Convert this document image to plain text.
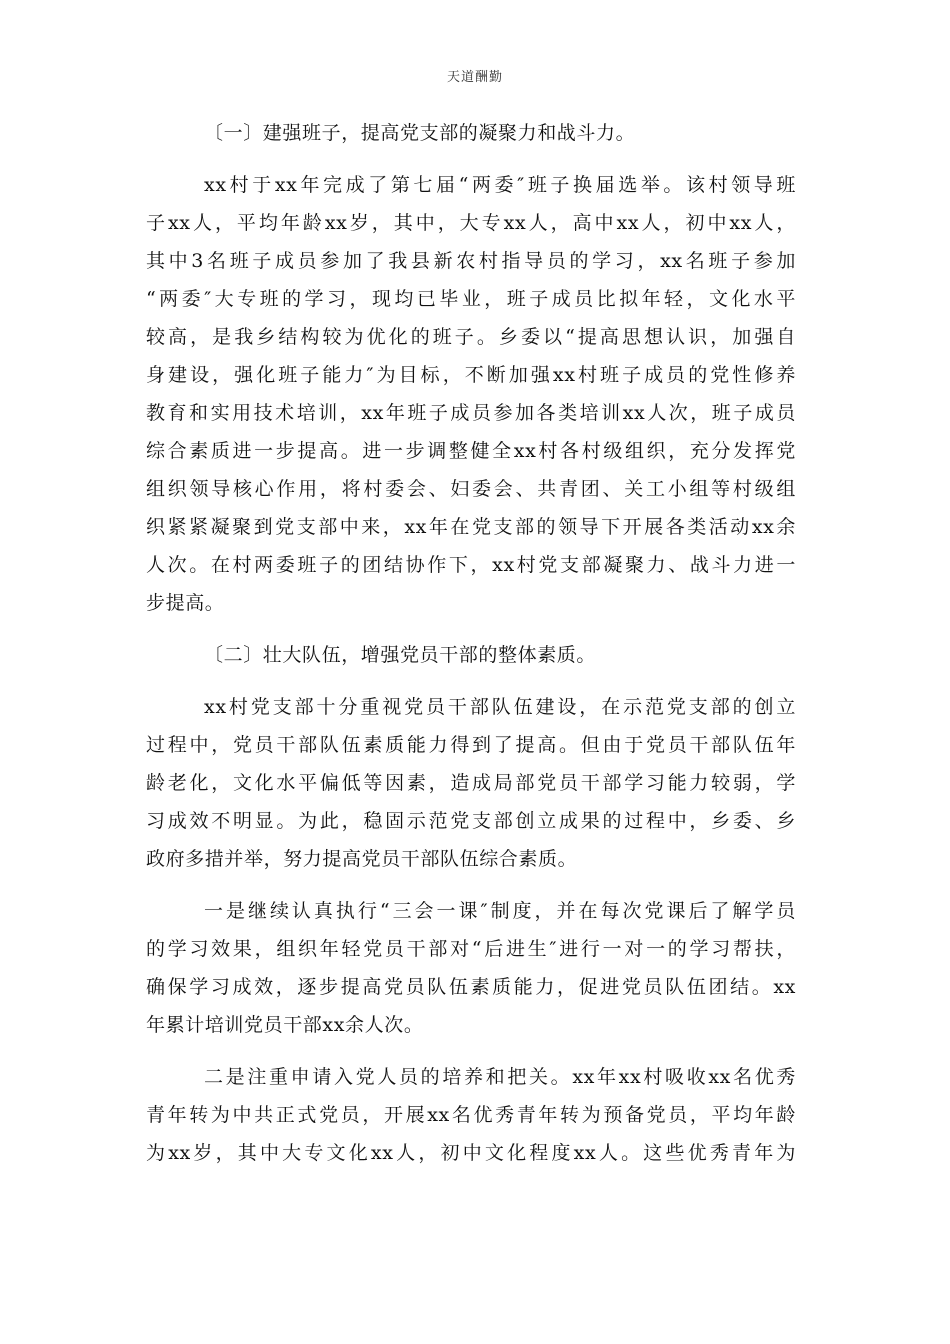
天道酬勤
〔一〕建强班子，提高党支部的凝聚力和战斗力。
xx村于xx年完成了第七届“两委″班子换届选举。该村领导班
子xx人，平均年龄xx岁，其中，大专xx人，高中xx人，初中xx人，
其中3名班子成员参加了我县新农村指导员的学习，xx名班子参加
“两委″大专班的学习，现均已毕业，班子成员比拟年轻，文化水平
较高，是我乡结构较为优化的班子。乡委以“提高思想认识，加强自
身建设，强化班子能力″为目标，不断加强xx村班子成员的党性修养
教育和实用技术培训，xx年班子成员参加各类培训xx人次，班子成员
综合素质进一步提高。进一步调整健全xx村各村级组织，充分发挥党
组织领导核心作用，将村委会、妇委会、共青团、关工小组等村级组
织紧紧凝聚到党支部中来，xx年在党支部的领导下开展各类活动xx余
人次。在村两委班子的团结协作下，xx村党支部凝聚力、战斗力进一
步提高。
〔二〕壮大队伍，增强党员干部的整体素质。
xx村党支部十分重视党员干部队伍建设，在示范党支部的创立
过程中，党员干部队伍素质能力得到了提高。但由于党员干部队伍年
龄老化，文化水平偏低等因素，造成局部党员干部学习能力较弱，学
习成效不明显。为此，稳固示范党支部创立成果的过程中，乡委、乡
政府多措并举，努力提高党员干部队伍综合素质。
一是继续认真执行“三会一课″制度，并在每次党课后了解学员
的学习效果，组织年轻党员干部对“后进生″进行一对一的学习帮扶，
确保学习成效，逐步提高党员队伍素质能力，促进党员队伍团结。xx
年累计培训党员干部xx余人次。
二是注重申请入党人员的培养和把关。xx年xx村吸收xx名优秀
青年转为中共正式党员，开展xx名优秀青年转为预备党员，平均年龄
为xx岁，其中大专文化xx人，初中文化程度xx人。这些优秀青年为
